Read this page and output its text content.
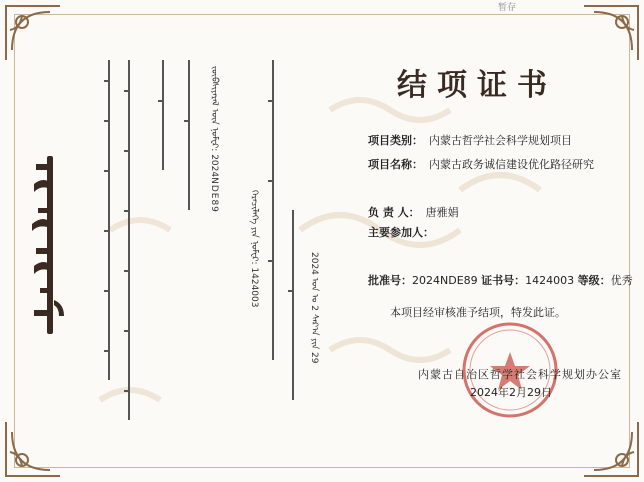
暂存
ᠵᠥᠪᠰᠢᠶᠡᠷᠡᠯ ᠦᠨ ᠨᠣᠮᠧᠷ: 2024NDE89
ᠭᠡᠷᠡᠴᠢᠯᠡᠭᠡ ᠶᠢᠨ ᠨᠣᠮᠧᠷ: 1424003
2024 ᠣᠨ ᠤ 2 ᠰᠠᠷ᠎ᠠ ᠶᠢᠨ 29
结项证书
项目类别： 内蒙古哲学社会科学规划项目
项目名称： 内蒙古政务诚信建设优化路径研究
负 责 人： 唐雅娟
主要参加人：
批准号：2024NDE89 证书号：1424003 等级：优秀
本项目经审核准予结项，特发此证。
内蒙古自治区哲学社会科学规划办公室
2024年2月29日
